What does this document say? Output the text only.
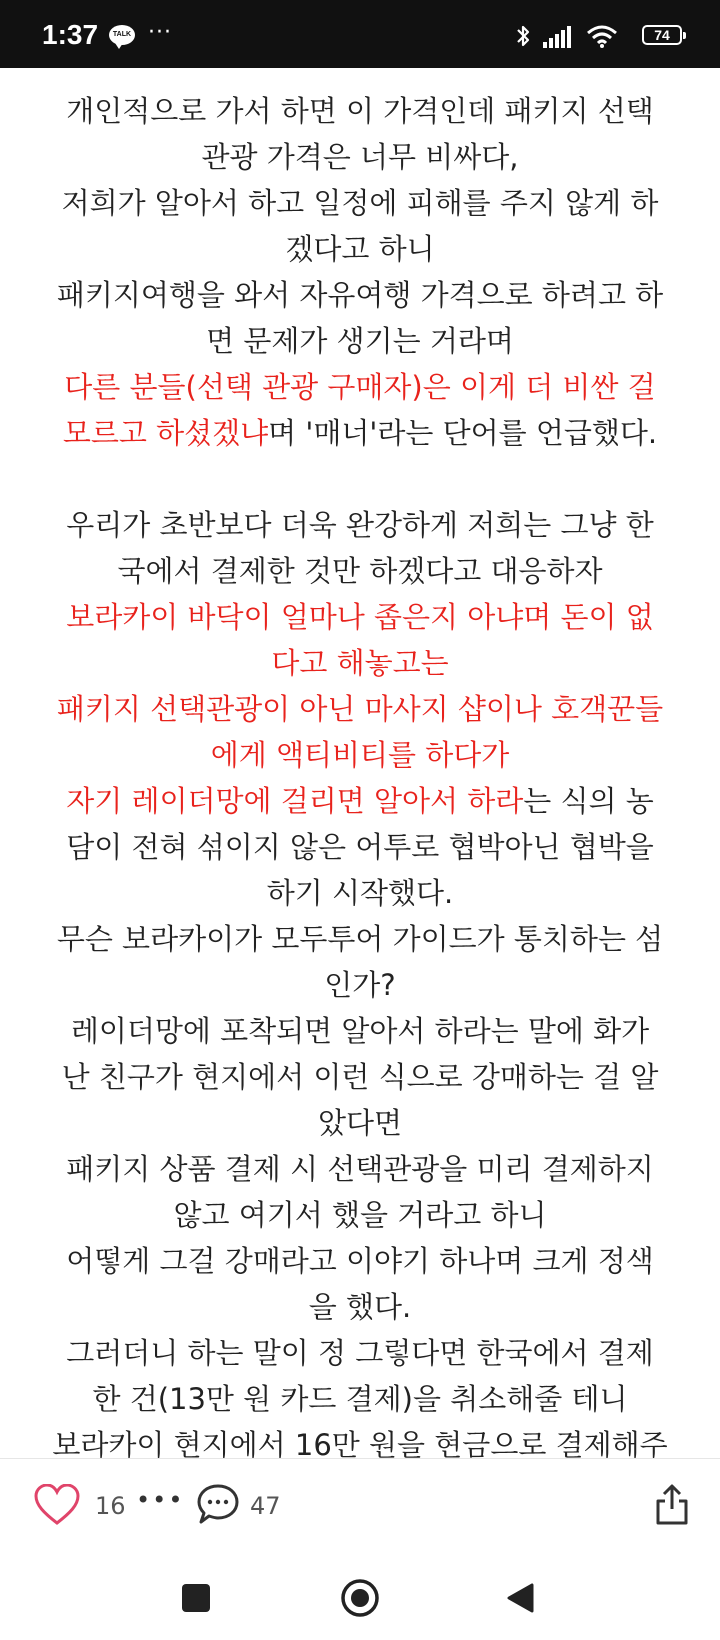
1:37	TALK ···	74
개인적으로 가서 하면 이 가격인데 패키지 선택
관광 가격은 너무 비싸다,
저희가 알아서 하고 일정에 피해를 주지 않게 하
겠다고 하니
패키지여행을 와서 자유여행 가격으로 하려고 하
면 문제가 생기는 거라며
다른 분들(선택 관광 구매자)은 이게 더 비싼 걸
모르고 하셨겠냐며 '매너'라는 단어를 언급했다.
우리가 초반보다 더욱 완강하게 저희는 그냥 한
국에서 결제한 것만 하겠다고 대응하자
보라카이 바닥이 얼마나 좁은지 아냐며 돈이 없
다고 해놓고는
패키지 선택관광이 아닌 마사지 샵이나 호객꾼들
에게 액티비티를 하다가
자기 레이더망에 걸리면 알아서 하라는 식의 농
담이 전혀 섞이지 않은 어투로 협박아닌 협박을
하기 시작했다.
무슨 보라카이가 모두투어 가이드가 통치하는 섬
인가?
레이더망에 포착되면 알아서 하라는 말에 화가
난 친구가 현지에서 이런 식으로 강매하는 걸 알
았다면
패키지 상품 결제 시 선택관광을 미리 결제하지
않고 여기서 했을 거라고 하니
어떻게 그걸 강매라고 이야기 하나며 크게 정색
을 했다.
그러더니 하는 말이 정 그렇다면 한국에서 결제
한 건(13만 원 카드 결제)을 취소해줄 테니
보라카이 현지에서 16만 원을 현금으로 결제해주
16 •••	47
